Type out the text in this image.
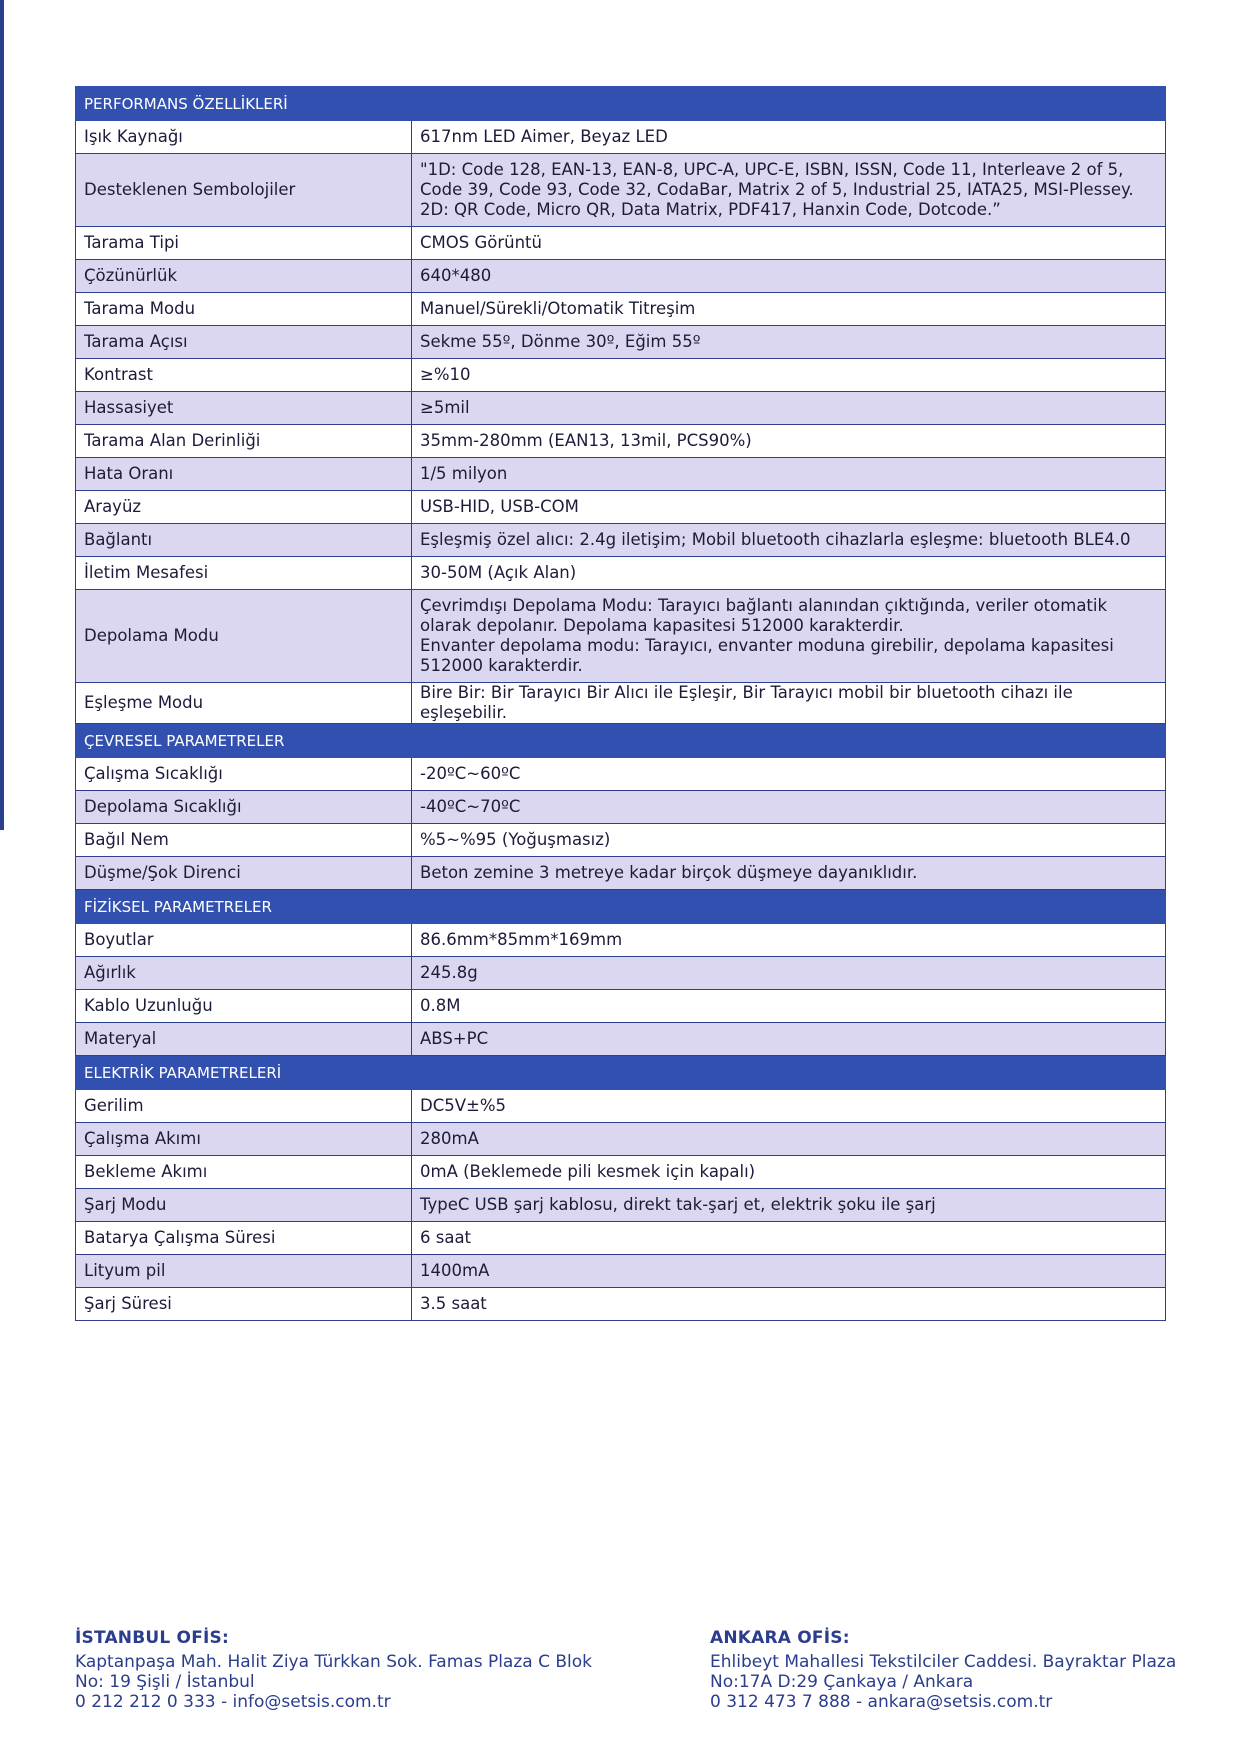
PERFORMANS ÖZELLİKLERİ	
Işık Kaynağı	617nm LED Aimer, Beyaz LED

Desteklenen Sembolojiler	"1D: Code 128, EAN-13, EAN-8, UPC-A, UPC-E, ISBN, ISSN, Code 11, Interleave 2 of 5, Code 39, Code 93, Code 32, CodaBar, Matrix 2 of 5, Industrial 25, IATA25, MSI-Plessey.
2D: QR Code, Micro QR, Data Matrix, PDF417, Hanxin Code, Dotcode.”

Tarama Tipi	CMOS Görüntü

Çözünürlük	640*480

Tarama Modu	Manuel/Sürekli/Otomatik Titreşim

Tarama Açısı	Sekme 55º, Dönme 30º, Eğim 55º

Kontrast	≥%10

Hassasiyet	≥5mil

Tarama Alan Derinliği	35mm-280mm (EAN13, 13mil, PCS90%)

Hata Oranı	1/5 milyon

Arayüz	USB-HID, USB-COM

Bağlantı	Eşleşmiş özel alıcı: 2.4g iletişim; Mobil bluetooth cihazlarla eşleşme: bluetooth BLE4.0

İletim Mesafesi	30-50M (Açık Alan)

Depolama Modu	Çevrimdışı Depolama Modu: Tarayıcı bağlantı alanından çıktığında, veriler otomatik olarak depolanır. Depolama kapasitesi 512000 karakterdir.
Envanter depolama modu: Tarayıcı, envanter moduna girebilir, depolama kapasitesi 512000 karakterdir.

Eşleşme Modu	Bire Bir: Bir Tarayıcı Bir Alıcı ile Eşleşir, Bir Tarayıcı mobil bir bluetooth cihazı ile eşleşebilir.

ÇEVRESEL PARAMETRELER	
Çalışma Sıcaklığı	-20ºC~60ºC

Depolama Sıcaklığı	-40ºC~70ºC

Bağıl Nem	%5~%95 (Yoğuşmasız)

Düşme/Şok Direnci	Beton zemine 3 metreye kadar birçok düşmeye dayanıklıdır.

FİZİKSEL PARAMETRELER	
Boyutlar	86.6mm*85mm*169mm

Ağırlık	245.8g

Kablo Uzunluğu	0.8M

Materyal	ABS+PC

ELEKTRİK PARAMETRELERİ	
Gerilim	DC5V±%5

Çalışma Akımı	280mA

Bekleme Akımı	0mA (Beklemede pili kesmek için kapalı)

Şarj Modu	TypeC USB şarj kablosu, direkt tak-şarj et, elektrik şoku ile şarj

Batarya Çalışma Süresi	6 saat

Lityum pil	1400mA

Şarj Süresi	3.5 saat
İSTANBUL OFİS:
Kaptanpaşa Mah. Halit Ziya Türkkan Sok. Famas Plaza C Blok
No: 19 Şişli / İstanbul
0 212 212 0 333 - info@setsis.com.tr
ANKARA OFİS:
Ehlibeyt Mahallesi Tekstilciler Caddesi. Bayraktar Plaza
No:17A D:29 Çankaya / Ankara
0 312 473 7 888 - ankara@setsis.com.tr
